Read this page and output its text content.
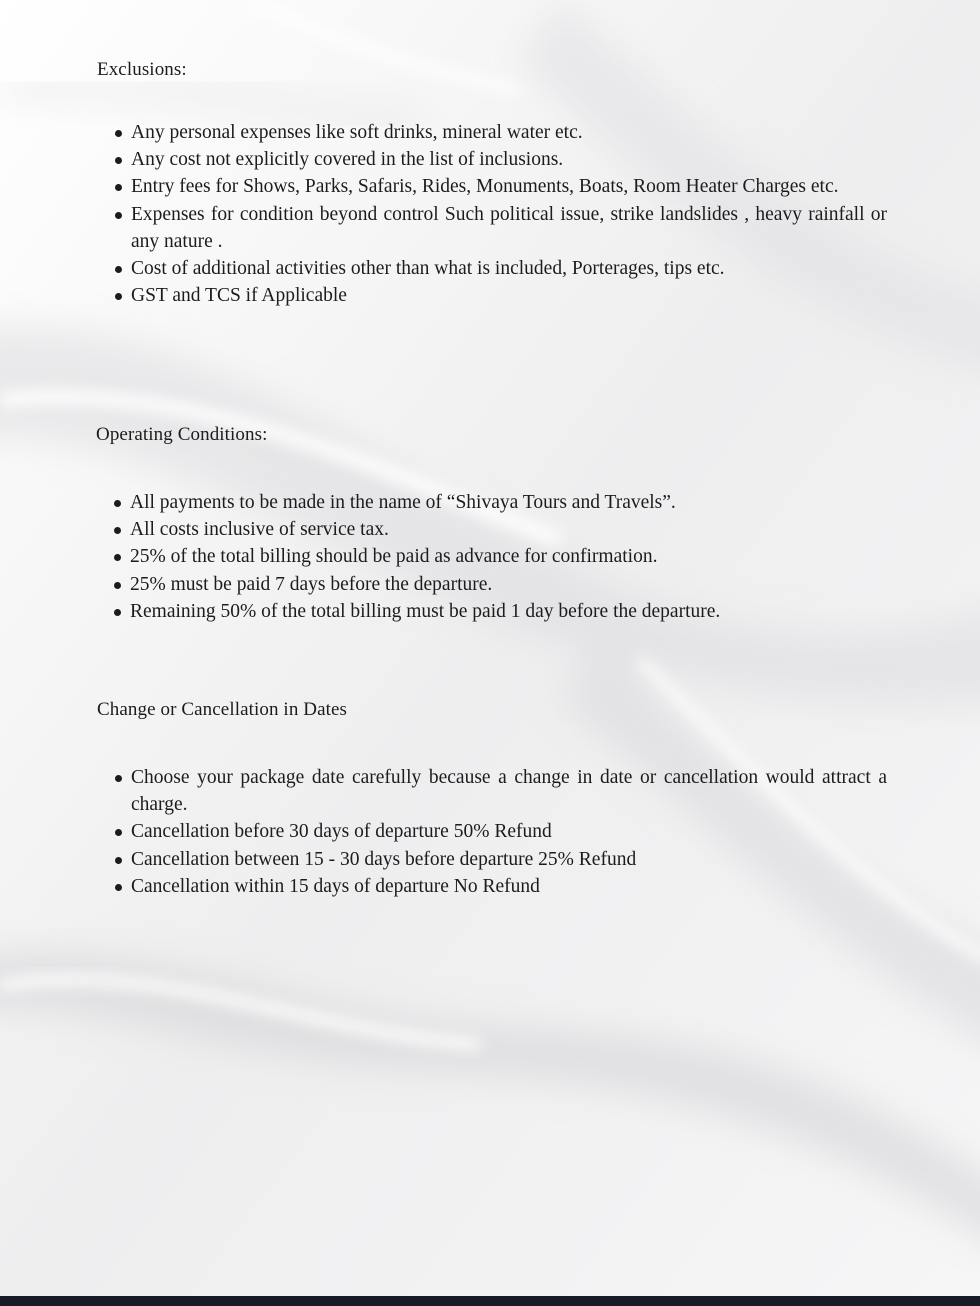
Exclusions:
Any personal expenses like soft drinks, mineral water etc.
Any cost not explicitly covered in the list of inclusions.
Entry fees for Shows, Parks, Safaris, Rides, Monuments, Boats, Room Heater Charges etc.
Expenses for condition beyond control Such political issue, strike landslides , heavy rainfall or any nature .
Cost of additional activities other than what is included, Porterages, tips etc.
GST and TCS if Applicable
Operating Conditions:
All payments to be made in the name of “Shivaya Tours and Travels”.
All costs inclusive of service tax.
25% of the total billing should be paid as advance for confirmation.
25% must be paid 7 days before the departure.
Remaining 50% of the total billing must be paid 1 day before the departure.
Change or Cancellation in Dates
Choose your package date carefully because a change in date or cancellation would attract a charge.
Cancellation before 30 days of departure 50% Refund
Cancellation between 15 - 30 days before departure 25% Refund
Cancellation within 15 days of departure No Refund
